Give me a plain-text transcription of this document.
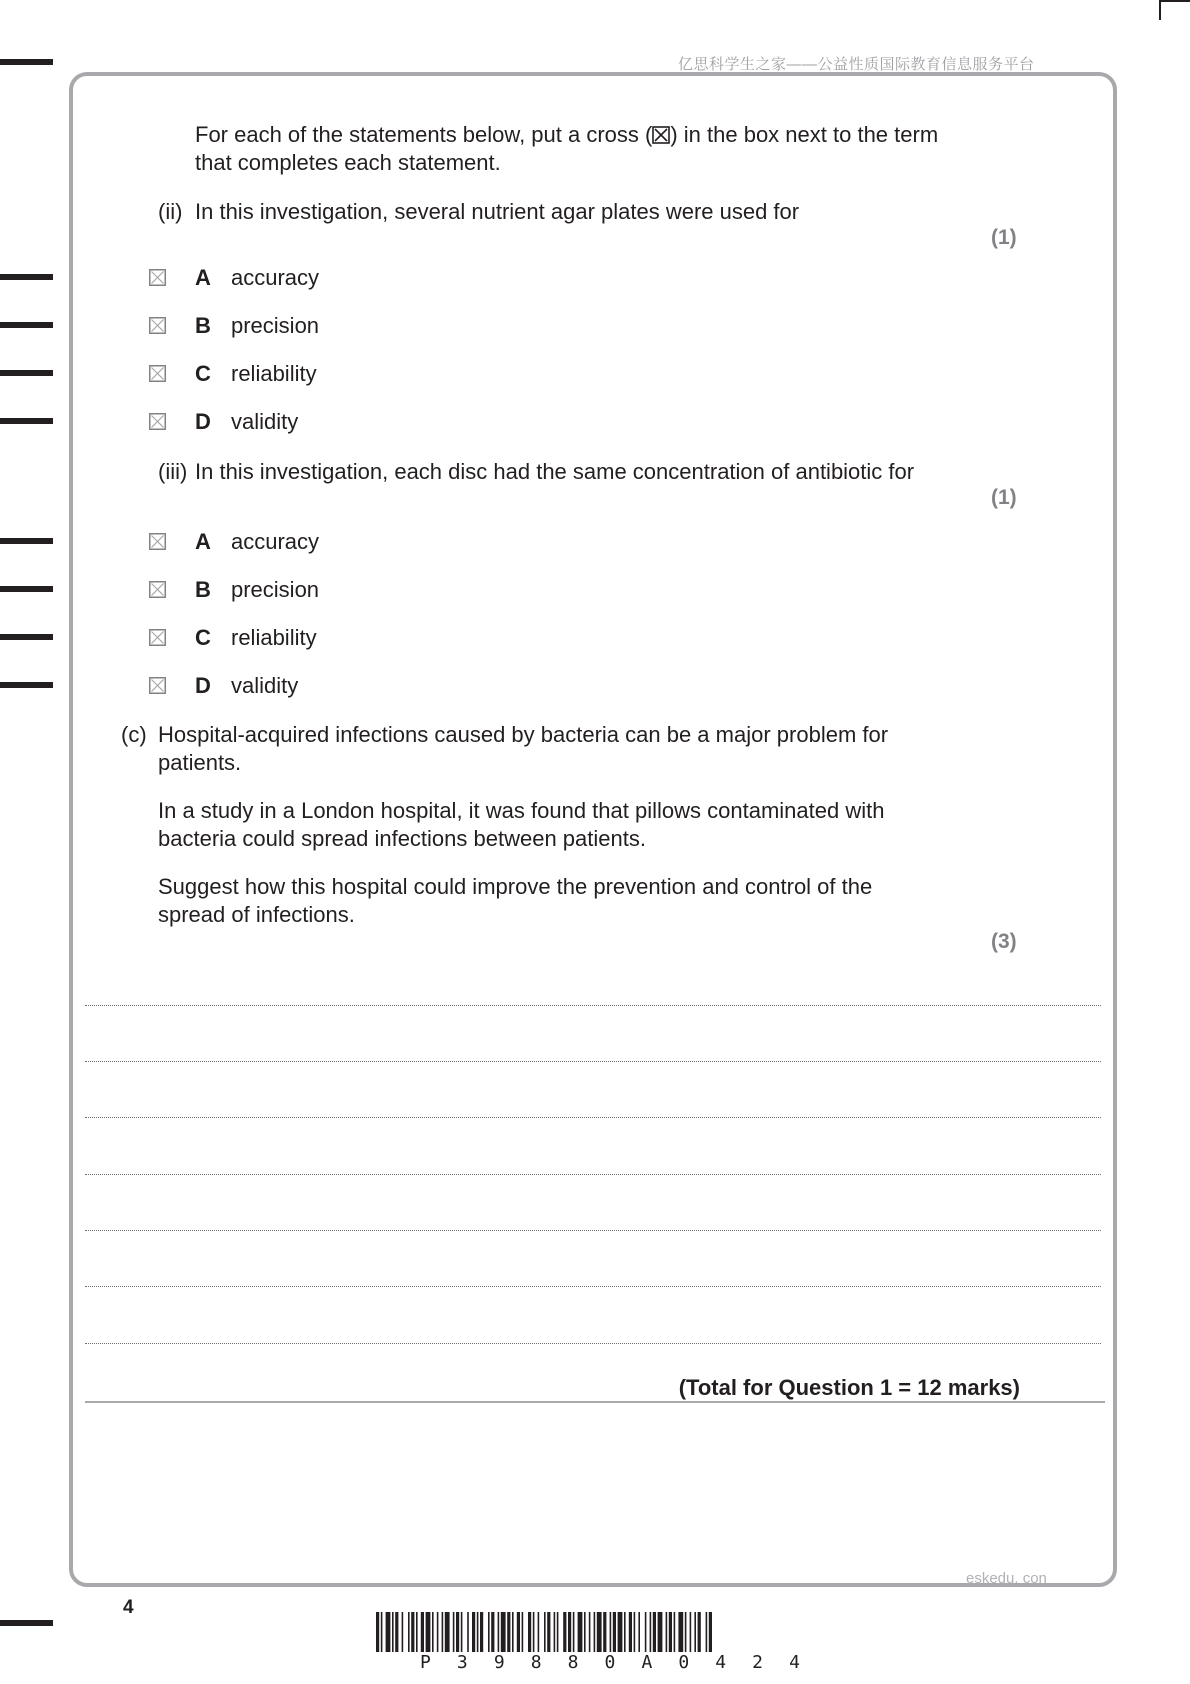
亿思科学生之家——公益性质国际教育信息服务平台
For each of the statements below, put a cross (☒) in the box next to the term
that completes each statement.
(ii) In this investigation, several nutrient agar plates were used for
(1)
A accuracy
B precision
C reliability
D validity
(iii) In this investigation, each disc had the same concentration of antibiotic for
(1)
A accuracy
B precision
C reliability
D validity
(c) Hospital-acquired infections caused by bacteria can be a major problem for
patients.
In a study in a London hospital, it was found that pillows contaminated with
bacteria could spread infections between patients.
Suggest how this hospital could improve the prevention and control of the
spread of infections.
(3)
(Total for Question 1 = 12 marks)
eskedu. con
4
P 3 9 8 8 0 A 0 4 2 4
